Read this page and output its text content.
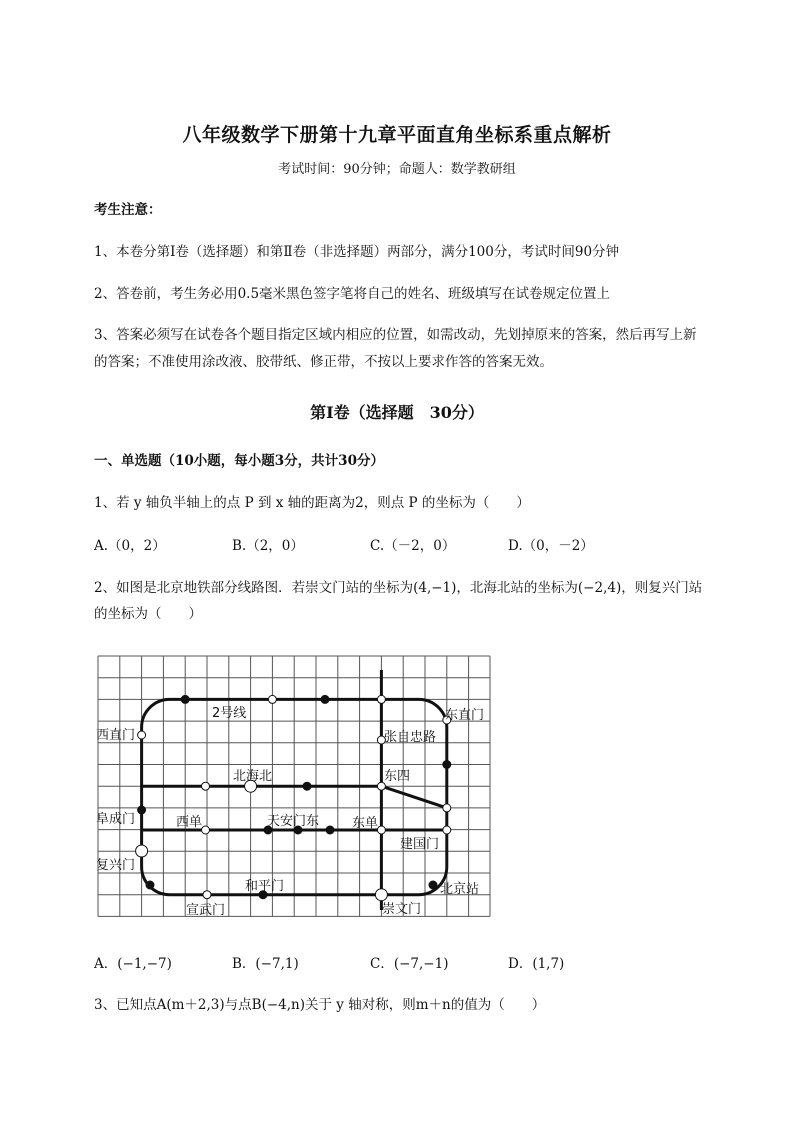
八年级数学下册第十九章平面直角坐标系重点解析
考试时间：90分钟；命题人：数学教研组
考生注意：
1、本卷分第I卷（选择题）和第Ⅱ卷（非选择题）两部分，满分100分，考试时间90分钟
2、答卷前，考生务必用0.5毫米黑色签字笔将自己的姓名、班级填写在试卷规定位置上
3、答案必须写在试卷各个题目指定区域内相应的位置，如需改动，先划掉原来的答案，然后再写上新
的答案；不准使用涂改液、胶带纸、修正带，不按以上要求作答的答案无效。
第I卷（选择题　30分）
一、单选题（10小题，每小题3分，共计30分）
1、若 y 轴负半轴上的点 P 到 x 轴的距离为2，则点 P 的坐标为（　　）
A.（0，2）	B.（2，0）	C.（－2，0）	D.（0，－2）
2、如图是北京地铁部分线路图．若崇文门站的坐标为(4,−1)，北海北站的坐标为(−2,4)，则复兴门站
的坐标为（　　）
2号线	东直门
西直门	张自忠路
北海北	东四
阜成门	西单	天安门东	东单
建国门
复兴门
和平门	北京站
宣武门	崇文门
A．(−1,−7)	B．(−7,1)	C．(−7,−1)	D．(1,7)
3、已知点A(m＋2,3)与点B(−4,n)关于 y 轴对称，则m＋n的值为（　　）
